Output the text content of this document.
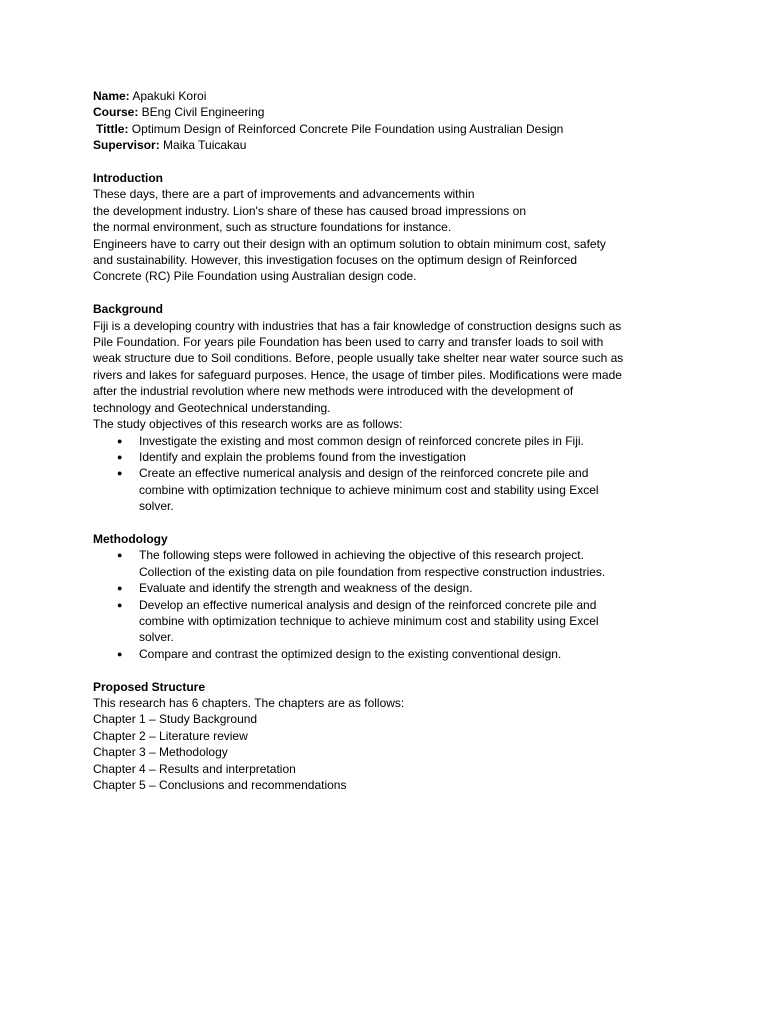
Name: Apakuki Koroi
Course: BEng Civil Engineering
Tittle: Optimum Design of Reinforced Concrete Pile Foundation using Australian Design
Supervisor: Maika Tuicakau
Introduction
These days, there are a part of improvements and advancements within
the development industry. Lion's share of these has caused broad impressions on
the normal environment, such as structure foundations for instance.
Engineers have to carry out their design with an optimum solution to obtain minimum cost, safety
and sustainability. However, this investigation focuses on the optimum design of Reinforced
Concrete (RC) Pile Foundation using Australian design code.
Background
Fiji is a developing country with industries that has a fair knowledge of construction designs such as
Pile Foundation. For years pile Foundation has been used to carry and transfer loads to soil with
weak structure due to Soil conditions. Before, people usually take shelter near water source such as
rivers and lakes for safeguard purposes. Hence, the usage of timber piles. Modifications were made
after the industrial revolution where new methods were introduced with the development of
technology and Geotechnical understanding.
The study objectives of this research works are as follows:
● Investigate the existing and most common design of reinforced concrete piles in Fiji.
● Identify and explain the problems found from the investigation
● Create an effective numerical analysis and design of the reinforced concrete pile and
combine with optimization technique to achieve minimum cost and stability using Excel
solver.
Methodology
● The following steps were followed in achieving the objective of this research project.
Collection of the existing data on pile foundation from respective construction industries.
● Evaluate and identify the strength and weakness of the design.
● Develop an effective numerical analysis and design of the reinforced concrete pile and
combine with optimization technique to achieve minimum cost and stability using Excel
solver.
● Compare and contrast the optimized design to the existing conventional design.
Proposed Structure
This research has 6 chapters. The chapters are as follows:
Chapter 1 – Study Background
Chapter 2 – Literature review
Chapter 3 – Methodology
Chapter 4 – Results and interpretation
Chapter 5 – Conclusions and recommendations
